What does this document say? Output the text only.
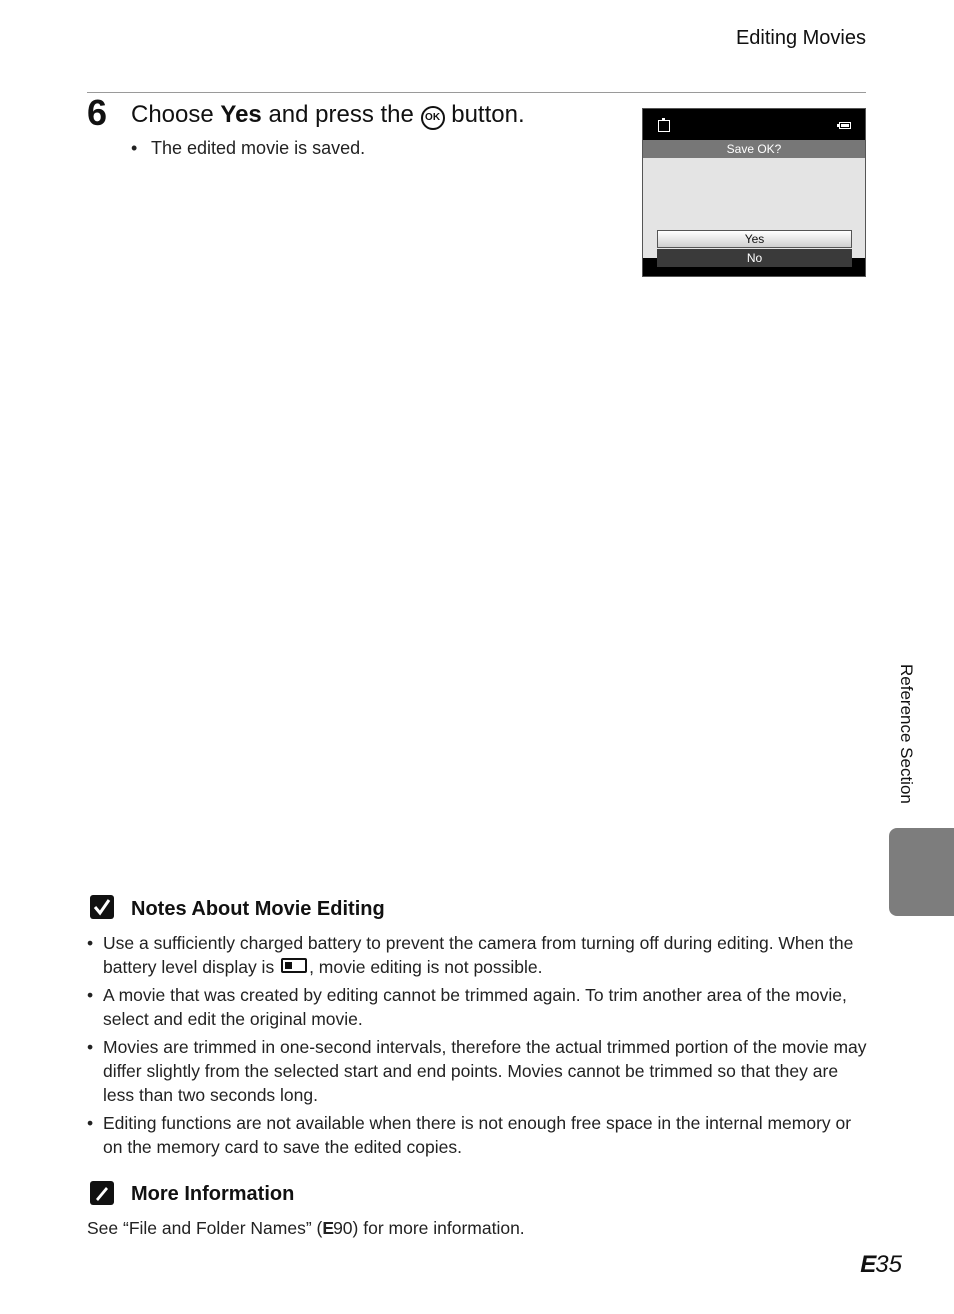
Editing Movies
6 Choose Yes and press the OK button.
• The edited movie is saved.	Save OK?
Yes
No
Reference Section
Notes About Movie Editing
• Use a sufficiently charged battery to prevent the camera from turning off during editing. When the battery level display is , movie editing is not possible.
• A movie that was created by editing cannot be trimmed again. To trim another area of the movie, select and edit the original movie.
• Movies are trimmed in one-second intervals, therefore the actual trimmed portion of the movie may differ slightly from the selected start and end points. Movies cannot be trimmed so that they are less than two seconds long.
• Editing functions are not available when there is not enough free space in the internal memory or on the memory card to save the edited copies.
More Information
See “File and Folder Names” (E90) for more information.
E35
